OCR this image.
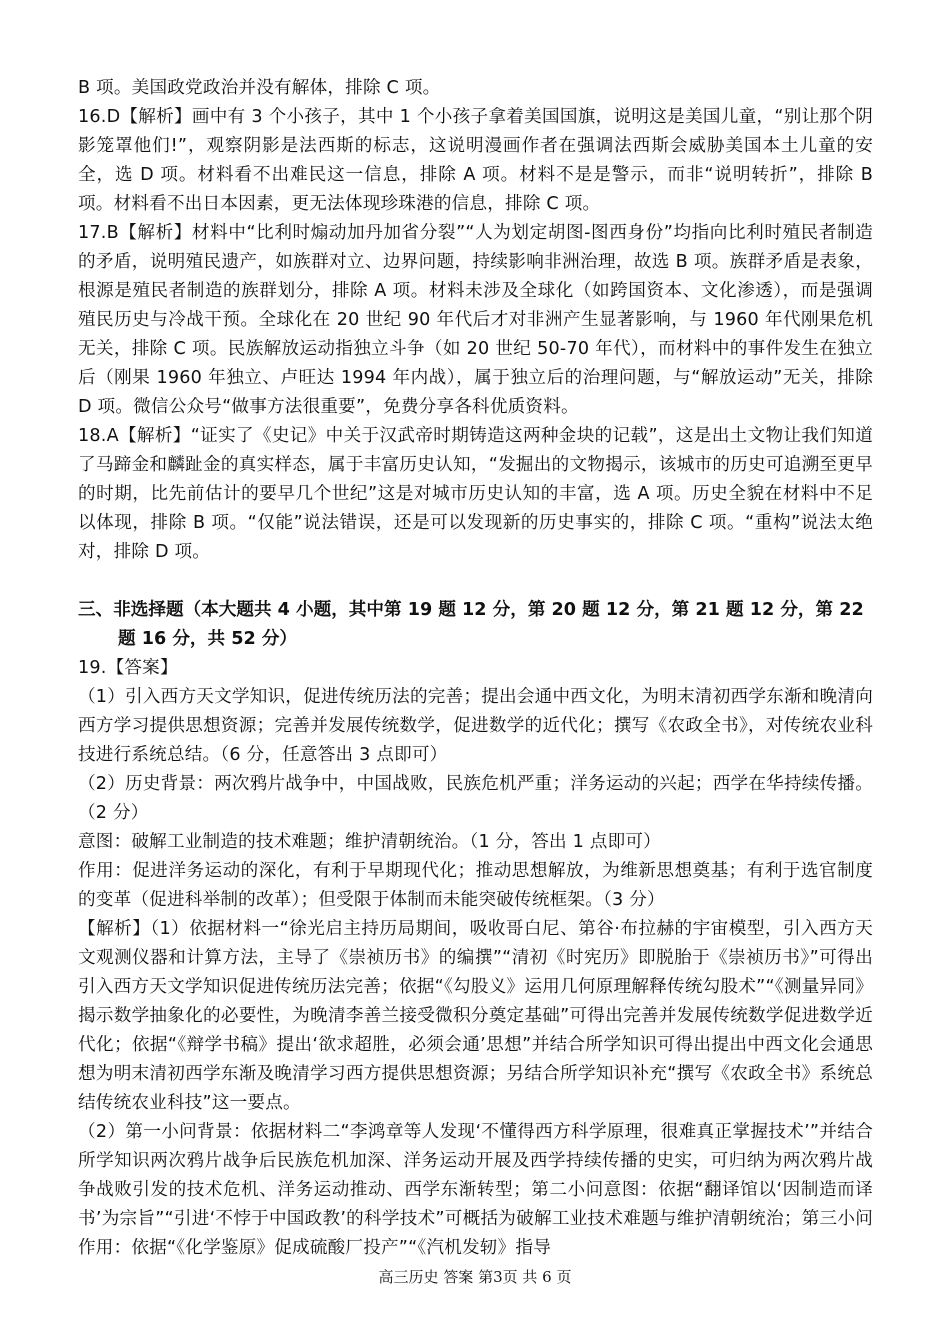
B 项。美国政党政治并没有解体，排除 C 项。

16.D【解析】画中有 3 个小孩子，其中 1 个小孩子拿着美国国旗，说明这是美国儿童，“别让那个阴影笼罩他们!”，观察阴影是法西斯的标志，这说明漫画作者在强调法西斯会威胁美国本土儿童的安全，选 D 项。材料看不出难民这一信息，排除 A 项。材料不是是警示，而非“说明转折”，排除 B 项。材料看不出日本因素，更无法体现珍珠港的信息，排除 C 项。

17.B【解析】材料中“比利时煽动加丹加省分裂”“人为划定胡图-图西身份”均指向比利时殖民者制造的矛盾，说明殖民遗产，如族群对立、边界问题，持续影响非洲治理，故选 B 项。族群矛盾是表象，根源是殖民者制造的族群划分，排除 A 项。材料未涉及全球化（如跨国资本、文化渗透），而是强调殖民历史与冷战干预。全球化在 20 世纪 90 年代后才对非洲产生显著影响，与 1960 年代刚果危机无关，排除 C 项。民族解放运动指独立斗争（如 20 世纪 50-70 年代），而材料中的事件发生在独立后（刚果 1960 年独立、卢旺达 1994 年内战），属于独立后的治理问题，与“解放运动”无关，排除 D 项。微信公众号“做事方法很重要”，免费分享各科优质资料。

18.A【解析】“证实了《史记》中关于汉武帝时期铸造这两种金块的记载”，这是出土文物让我们知道了马蹄金和麟趾金的真实样态，属于丰富历史认知，“发掘出的文物揭示，该城市的历史可追溯至更早的时期，比先前估计的要早几个世纪”这是对城市历史认知的丰富，选 A 项。历史全貌在材料中不足以体现，排除 B 项。“仅能”说法错误，还是可以发现新的历史事实的，排除 C 项。“重构”说法太绝对，排除 D 项。

三、非选择题（本大题共 4 小题，其中第 19 题 12 分，第 20 题 12 分，第 21 题 12 分，第 22 题 16 分，共 52 分）

19.【答案】

（1）引入西方天文学知识，促进传统历法的完善；提出会通中西文化，为明末清初西学东渐和晚清向西方学习提供思想资源；完善并发展传统数学，促进数学的近代化；撰写《农政全书》，对传统农业科技进行系统总结。（6 分，任意答出 3 点即可）

（2）历史背景：两次鸦片战争中，中国战败，民族危机严重；洋务运动的兴起；西学在华持续传播。（2 分）

意图：破解工业制造的技术难题；维护清朝统治。（1 分，答出 1 点即可）

作用：促进洋务运动的深化，有利于早期现代化；推动思想解放，为维新思想奠基；有利于选官制度的变革（促进科举制的改革）；但受限于体制而未能突破传统框架。（3 分）

【解析】（1）依据材料一“徐光启主持历局期间，吸收哥白尼、第谷·布拉赫的宇宙模型，引入西方天文观测仪器和计算方法，主导了《崇祯历书》的编撰”“清初《时宪历》即脱胎于《崇祯历书》”可得出引入西方天文学知识促进传统历法完善；依据“《勾股义》运用几何原理解释传统勾股术”“《测量异同》揭示数学抽象化的必要性，为晚清李善兰接受微积分奠定基础”可得出完善并发展传统数学促进数学近代化；依据“《辩学书稿》提出‘欲求超胜，必须会通’思想”并结合所学知识可得出提出中西文化会通思想为明末清初西学东渐及晚清学习西方提供思想资源；另结合所学知识补充“撰写《农政全书》系统总结传统农业科技”这一要点。

（2）第一小问背景：依据材料二“李鸿章等人发现‘不懂得西方科学原理，很难真正掌握技术’”并结合所学知识两次鸦片战争后民族危机加深、洋务运动开展及西学持续传播的史实，可归纳为两次鸦片战争战败引发的技术危机、洋务运动推动、西学东渐转型；第二小问意图：依据“翻译馆以‘因制造而译书’为宗旨”“引进‘不悖于中国政教’的科学技术”可概括为破解工业技术难题与维护清朝统治；第三小问作用：依据“《化学鉴原》促成硫酸厂投产”“《汽机发轫》指导

高三历史 答案 第3页 共 6 页
